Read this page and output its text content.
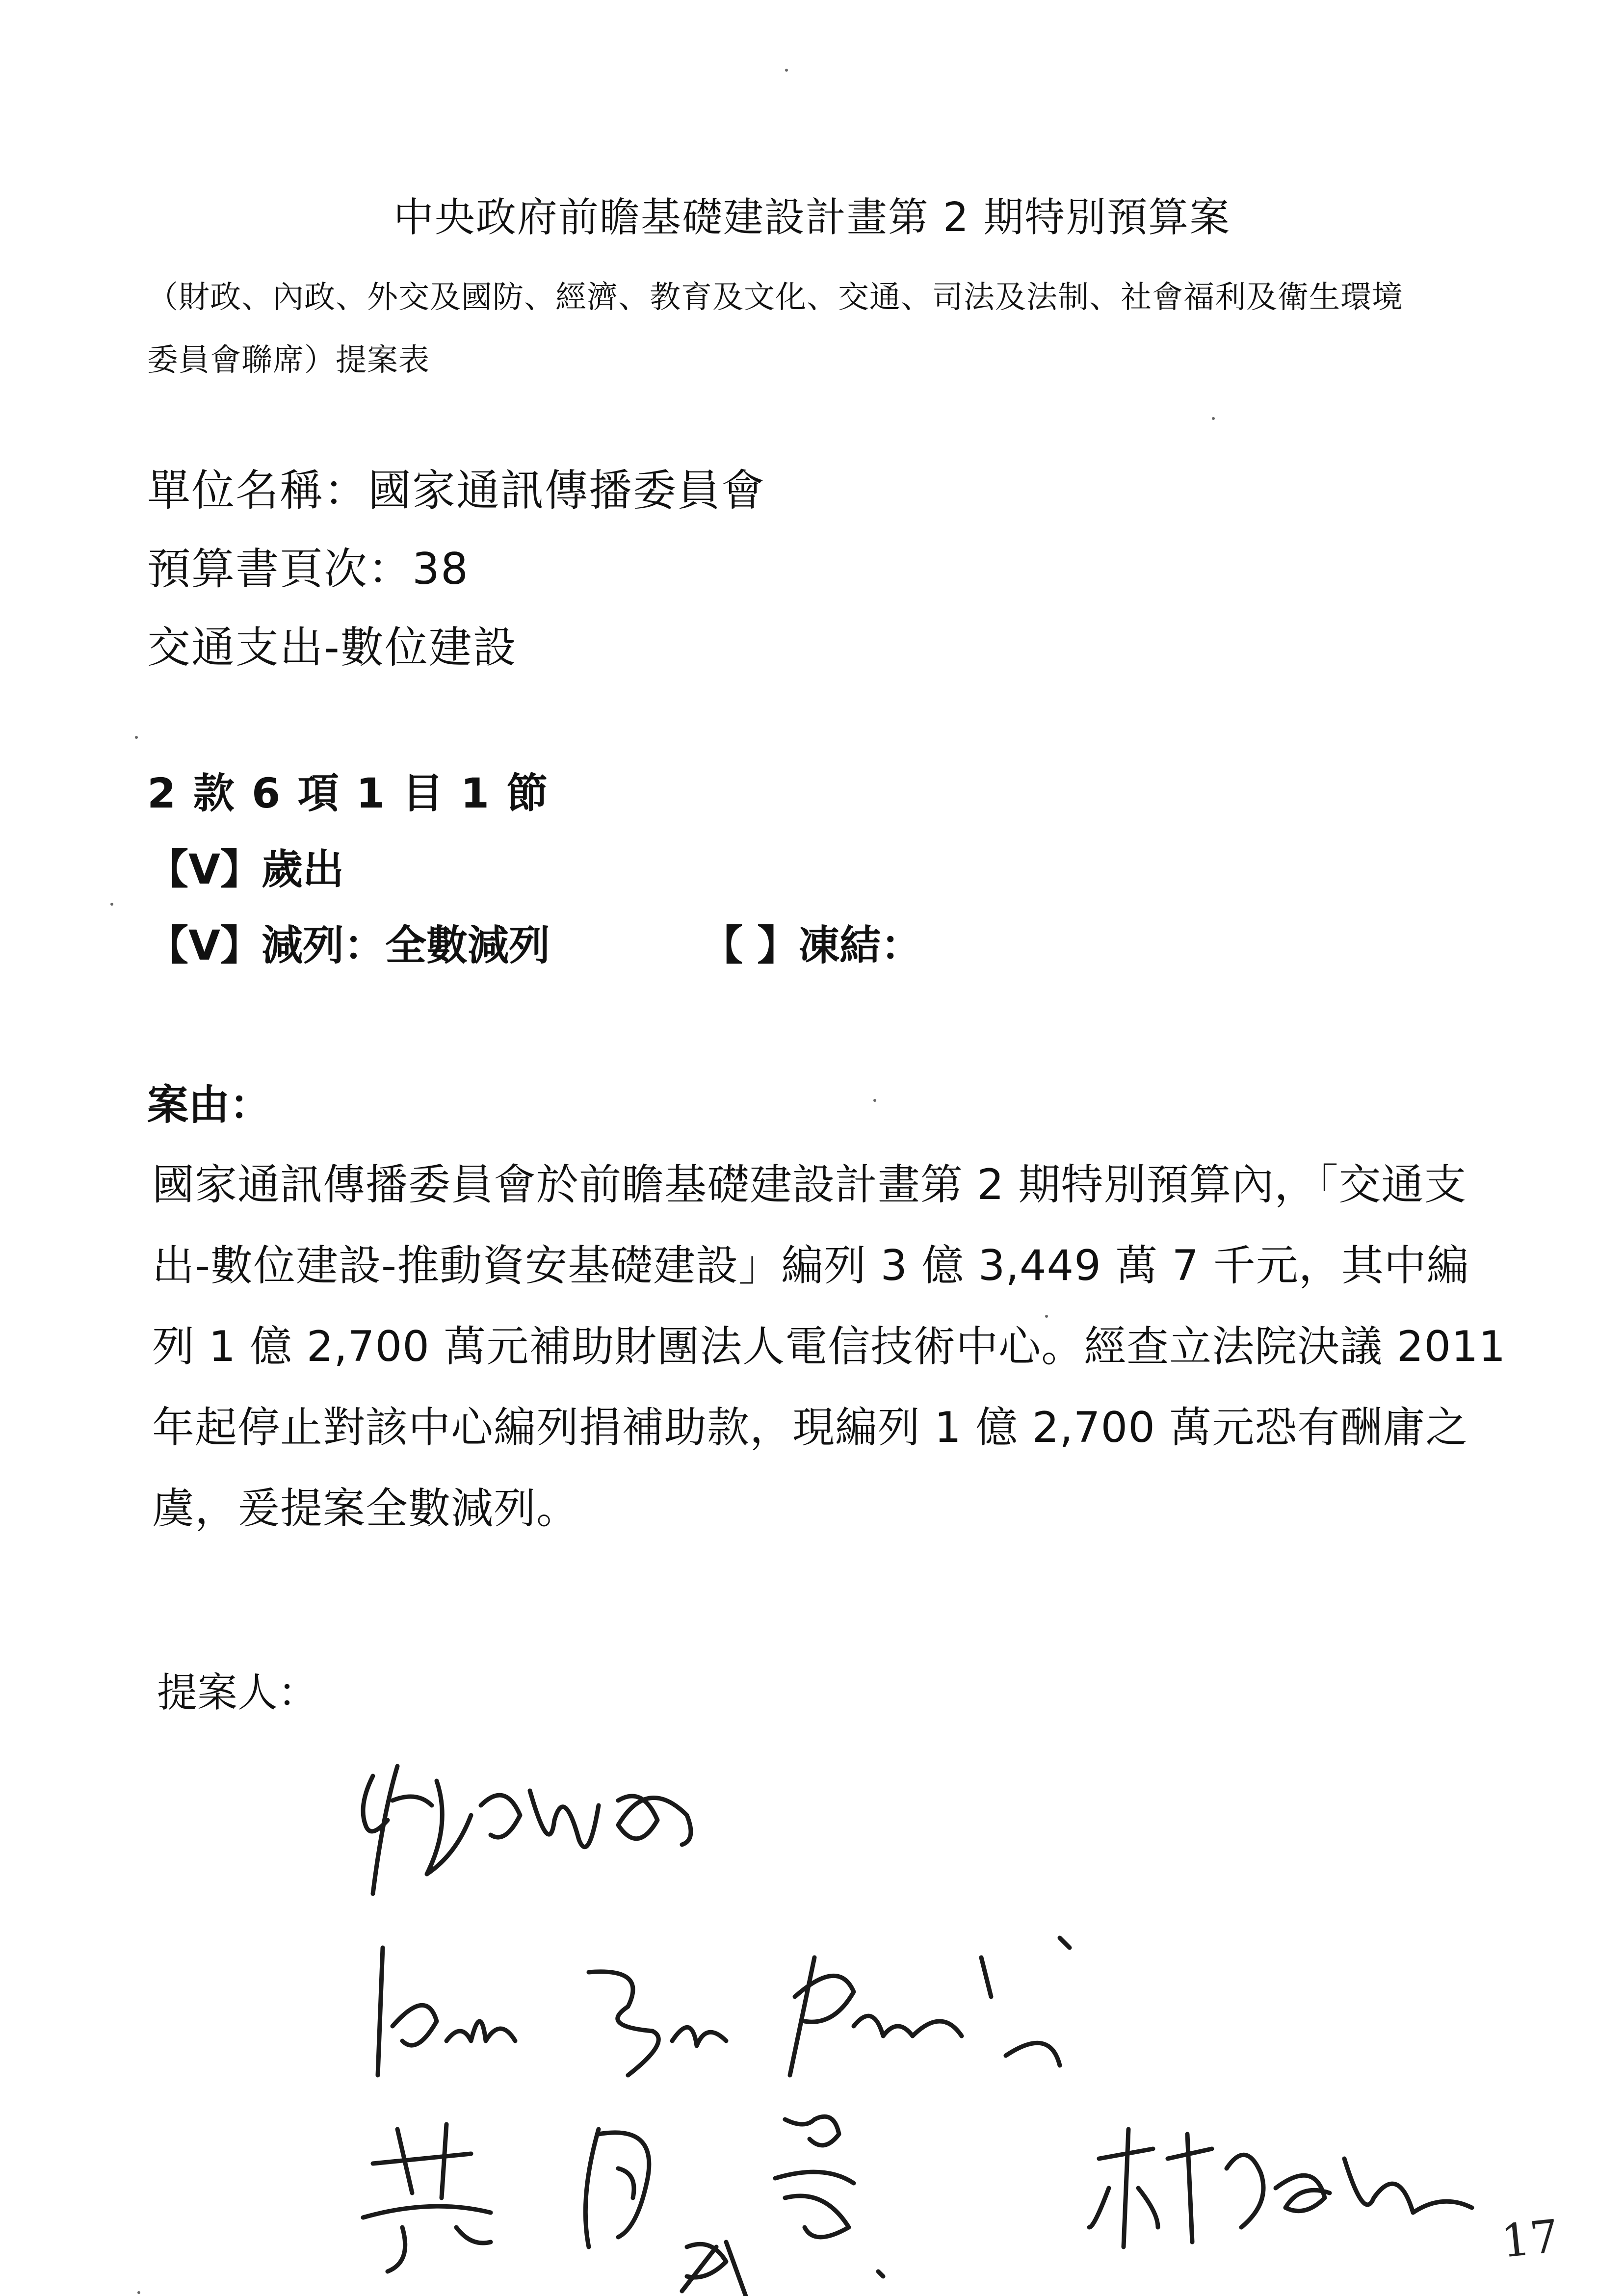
中央政府前瞻基礎建設計畫第 2 期特別預算案
（財政、內政、外交及國防、經濟、教育及文化、交通、司法及法制、社會福利及衛生環境
委員會聯席）提案表
單位名稱：國家通訊傳播委員會
預算書頁次：38
交通支出-數位建設
2 款 6 項 1 目 1 節
【V】歲出
【V】減列：全數減列	【 】凍結：
案由：
國家通訊傳播委員會於前瞻基礎建設計畫第 2 期特別預算內，「交通支
出-數位建設-推動資安基礎建設」編列 3 億 3,449 萬 7 千元，其中編
列 1 億 2,700 萬元補助財團法人電信技術中心。經查立法院決議 2011
年起停止對該中心編列捐補助款，現編列 1 億 2,700 萬元恐有酬庸之
虞，爰提案全數減列。
提案人：
17
